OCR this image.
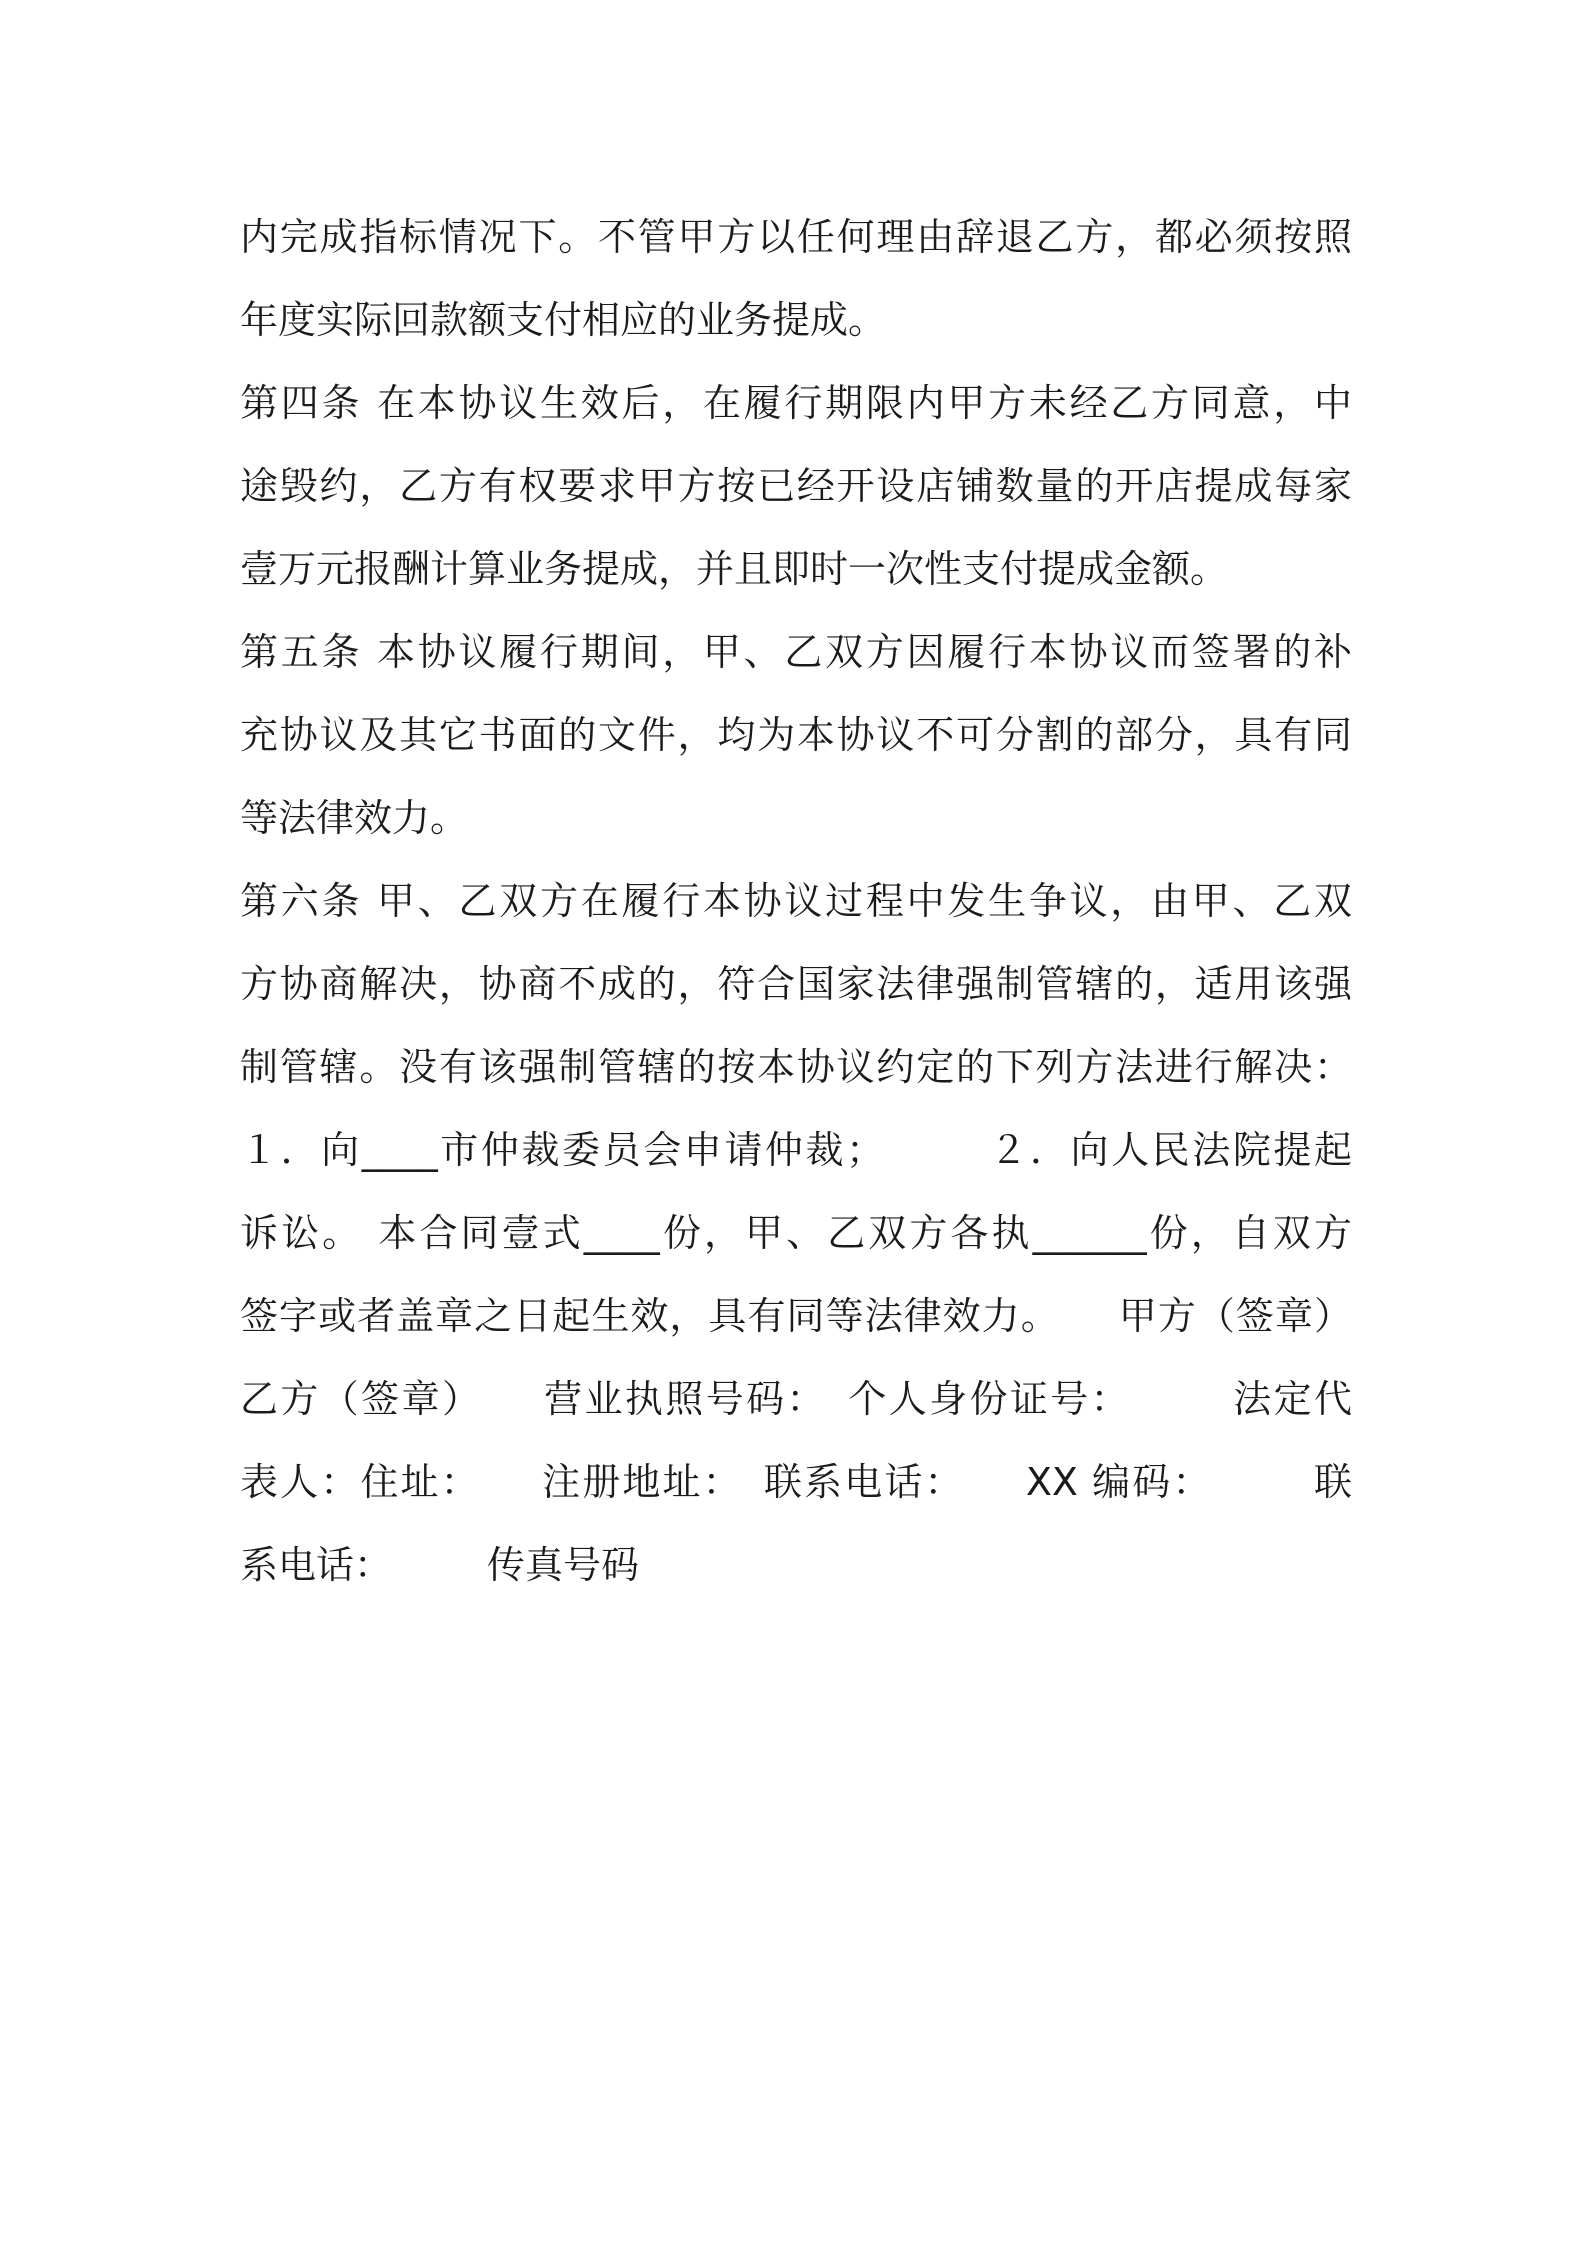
内完成指标情况下。不管甲方以任何理由辞退乙方，都必须按照
年度实际回款额支付相应的业务提成。
第四条 在本协议生效后，在履行期限内甲方未经乙方同意，中
途毁约，乙方有权要求甲方按已经开设店铺数量的开店提成每家
壹万元报酬计算业务提成，并且即时一次性支付提成金额。
第五条 本协议履行期间，甲、乙双方因履行本协议而签署的补
充协议及其它书面的文件，均为本协议不可分割的部分，具有同
等法律效力。
第六条 甲、乙双方在履行本协议过程中发生争议，由甲、乙双
方协商解决，协商不成的，符合国家法律强制管辖的，适用该强
制管辖。没有该强制管辖的按本协议约定的下列方法进行解决：
１．向____市仲裁委员会申请仲裁；　　　２．向人民法院提起
诉讼。 本合同壹式____份，甲、乙双方各执______份，自双方
签字或者盖章之日起生效，具有同等法律效力。　　甲方（签章）
乙方（签章）　　营业执照号码：　个人身份证号：　　　法定代
表人：住址：　　注册地址：　联系电话：　　XX 编码：　　　联
系电话：　　　传真号码
